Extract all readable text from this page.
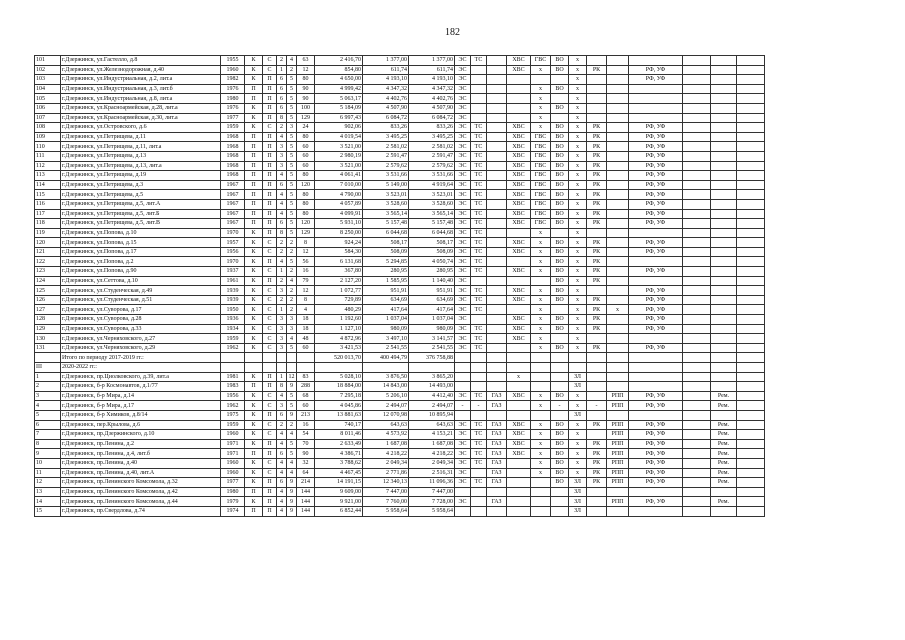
182
101	г.Дзержинск, ул.Гастелло, д.8	1955	К	С	2	4	63	2 416,70	1 377,00	1 377,00	ЭС	ТС		ХВС	ГВС	ВО	х						
102	г.Дзержинск, ул.Железнодорожная, д.40	1960	К	С	1	2	12	854,80	611,74	611,74	ЭС			ХВС	х	ВО	х	РК		РФ, УФ			
103	г.Дзержинск, ул.Индустриальная, д.2, лит.а	1982	К	П	6	5	80	4 650,00	4 193,10	4 193,10	ЭС						х			РФ, УФ			
104	г.Дзержинск, ул.Индустриальная, д.3, лит.б	1976	П	П	6	5	90	4 999,42	4 347,32	4 347,32	ЭС				х	ВО	х						
105	г.Дзержинск, ул.Индустриальная, д.8, лит.а	1980	П	П	6	5	90	5 063,17	4 402,76	4 402,76	ЭС				х		х						
106	г.Дзержинск, ул.Красноармейская, д.28, лит.а	1976	К	П	6	5	100	5 184,09	4 507,90	4 507,90	ЭС				х	ВО	х						
107	г.Дзержинск, ул.Красноармейская, д.30, лит.а	1977	К	П	8	5	129	6 997,43	6 084,72	6 084,72	ЭС				х		х						
108	г.Дзержинск, ул.Островского, д.6	1959	К	С	2	3	24	902,06	833,26	833,26	ЭС	ТС		ХВС	х	ВО	х	РК		РФ, УФ			
109	г.Дзержинск, ул.Петрищева, д.11	1968	П	П	4	5	80	4 019,54	3 495,25	3 495,25	ЭС	ТС		ХВС	ГВС	ВО	х	РК		РФ, УФ			
110	г.Дзержинск, ул.Петрищева, д.11, лит.а	1968	П	П	3	5	60	3 521,00	2 581,02	2 581,02	ЭС	ТС		ХВС	ГВС	ВО	х	РК		РФ, УФ			
111	г.Дзержинск, ул.Петрищева, д.13	1968	П	П	3	5	60	2 980,19	2 591,47	2 591,47	ЭС	ТС		ХВС	ГВС	ВО	х	РК		РФ, УФ			
112	г.Дзержинск, ул.Петрищева, д.13, лит.а	1968	П	П	3	5	60	3 521,00	2 579,62	2 579,62	ЭС	ТС		ХВС	ГВС	ВО	х	РК		РФ, УФ			
113	г.Дзержинск, ул.Петрищева, д.19	1968	П	П	4	5	80	4 061,41	3 531,66	3 531,66	ЭС	ТС		ХВС	ГВС	ВО	х	РК		РФ, УФ			
114	г.Дзержинск, ул.Петрищева, д.3	1967	П	П	6	5	120	7 010,00	5 149,00	4 919,64	ЭС	ТС		ХВС	ГВС	ВО	х	РК		РФ, УФ			
115	г.Дзержинск, ул.Петрищева, д.5	1967	П	П	4	5	80	4 790,00	3 523,01	3 523,01	ЭС	ТС		ХВС	ГВС	ВО	х	РК		РФ, УФ			
116	г.Дзержинск, ул.Петрищева, д.5, лит.А	1967	П	П	4	5	80	4 057,89	3 528,60	3 528,60	ЭС	ТС		ХВС	ГВС	ВО	х	РК		РФ, УФ			
117	г.Дзержинск, ул.Петрищева, д.5, лит.Б	1967	П	П	4	5	80	4 099,91	3 565,14	3 565,14	ЭС	ТС		ХВС	ГВС	ВО	х	РК		РФ, УФ			
118	г.Дзержинск, ул.Петрищева, д.5, лит.В	1967	П	П	6	5	120	5 931,10	5 157,48	5 157,48	ЭС	ТС		ХВС	ГВС	ВО	х	РК		РФ, УФ			
119	г.Дзержинск, ул.Попова, д.10	1970	К	П	8	5	129	8 250,00	6 044,68	6 044,68	ЭС	ТС			х		х						
120	г.Дзержинск, ул.Попова, д.15	1957	К	С	2	2	8	924,24	508,17	508,17	ЭС	ТС		ХВС	х	ВО	х	РК		РФ, УФ			
121	г.Дзержинск, ул.Попова, д.17	1956	К	С	2	2	12	584,30	508,09	508,09	ЭС	ТС		ХВС	х	ВО	х	РК		РФ, УФ			
122	г.Дзержинск, ул.Попова, д.2	1970	К	П	4	5	56	6 131,68	5 294,85	4 050,74	ЭС	ТС			х	ВО	х	РК					
123	г.Дзержинск, ул.Попова, д.90	1937	К	С	1	2	16	367,80	280,95	280,95	ЭС	ТС		ХВС	х	ВО	х	РК		РФ, УФ			
124	г.Дзержинск, ул.Сеттова, д.10	1961	К	П	2	4	79	2 127,20	1 585,95	1 140,40	ЭС					ВО	х	РК					
125	г.Дзержинск, ул.Студенческая, д.49	1939	К	С	3	2	12	1 072,77	951,91	951,91	ЭС	ТС		ХВС	х	ВО	х			РФ, УФ			
126	г.Дзержинск, ул.Студенческая, д.51	1939	К	С	2	2	8	729,89	634,69	634,69	ЭС	ТС		ХВС	х	ВО	х	РК		РФ, УФ			
127	г.Дзержинск, ул.Суворова, д.17	1950	К	С	1	2	4	480,29	417,64	417,64	ЭС	ТС			х		х	РК	х	РФ, УФ			
128	г.Дзержинск, ул.Суворова, д.28	1936	К	С	3	3	18	1 192,60	1 037,04	1 037,04	ЭС			ХВС	х	ВО	х	РК		РФ, УФ			
129	г.Дзержинск, ул.Суворова, д.33	1934	К	С	3	3	18	1 127,10	980,09	980,09	ЭС	ТС		ХВС	х	ВО	х	РК		РФ, УФ			
130	г.Дзержинск, ул.Черняховского, д.27	1959	К	С	3	4	48	4 872,96	3 497,10	3 141,57	ЭС	ТС		ХВС	х		х						
131	г.Дзержинск, ул.Черняховского, д.29	1962	К	С	3	5	60	3 421,53	2 541,55	2 541,55	ЭС	ТС			х	ВО	х	РК		РФ, УФ			
	Итого по периоду 2017-2019 гг.:							520 013,70	400 494,79	376 758,88													
III	2020-2022 гг.:																						
1	г.Дзержинск, пр.Циолковского, д.39, лит.а	1981	К	П	1	12	83	5 028,10	3 876,50	3 865,20				х			ЗЛ						
2	г.Дзержинск, б-р Космонавтов, д.1/77	1983	П	П	8	9	288	18 884,00	14 843,00	14 493,00							ЗЛ						
3	г.Дзержинск, б-р Мира, д.14	1956	К	С	4	5	68	7 295,18	5 206,10	4 412,40	ЭС	ТС	ГАЗ	ХВС	х	ВО	х		РПП	РФ, УФ		Рем.	
4	г.Дзержинск, б-р Мира, д.17	1962	К	С	3	5	60	4 045,86	2 494,07	2 494,07	-	-	ГАЗ		х	-	х	-	РПП	РФ, УФ		Рем.	
5	г.Дзержинск, б-р Химиков, д.8/14	1975	К	П	6	9	213	13 881,63	12 070,98	10 895,94							ЗЛ						
6	г.Дзержинск, пер.Крылова, д.6	1959	К	С	2	2	16	740,17	643,63	643,63	ЭС	ТС	ГАЗ	ХВС	х	ВО	х	РК	РПП	РФ, УФ		Рем.	
7	г.Дзержинск, пр.Дзержинского, д.10	1960	К	С	4	4	54	8 011,46	4 573,92	4 153,21	ЭС	ТС	ГАЗ	ХВС	х	ВО	х		РПП	РФ, УФ		Рем.	
8	г.Дзержинск, пр.Ленина, д.2	1971	К	П	4	5	70	2 633,49	1 687,08	1 687,08	ЭС	ТС	ГАЗ	ХВС	х	ВО	х	РК	РПП	РФ, УФ		Рем.	
9	г.Дзержинск, пр.Ленина, д.4, лит.б	1971	П	П	6	5	90	4 386,71	4 218,22	4 218,22	ЭС	ТС	ГАЗ	ХВС	х	ВО	х	РК	РПП	РФ, УФ		Рем.	
10	г.Дзержинск, пр.Ленина, д.40	1960	К	С	4	4	32	3 788,62	2 049,34	2 049,34	ЭС	ТС	ГАЗ		х	ВО	х	РК	РПП	РФ, УФ		Рем.	
11	г.Дзержинск, пр.Ленина, д.40, лит.А	1960	К	С	4	4	64	4 467,45	2 771,86	2 516,31	ЭС		ГАЗ		х	ВО	х	РК	РПП	РФ, УФ		Рем.	
12	г.Дзержинск, пр.Ленинского Комсомола, д.32	1977	К	П	6	9	214	14 191,15	12 340,13	11 096,36	ЭС	ТС	ГАЗ			ВО	ЗЛ	РК	РПП	РФ, УФ		Рем.	
13	г.Дзержинск, пр.Ленинского Комсомола, д.42	1980	П	П	4	9	144	9 609,00	7 447,00	7 447,00							ЗЛ						
14	г.Дзержинск, пр.Ленинского Комсомола, д.44	1979	К	П	4	9	144	9 921,00	7 760,00	7 728,00	ЭС		ГАЗ				ЗЛ		РПП	РФ, УФ		Рем.	
15	г.Дзержинск, пр.Свердлова, д.74	1974	П	П	4	9	144	6 852,44	5 958,64	5 958,64							ЗЛ						
